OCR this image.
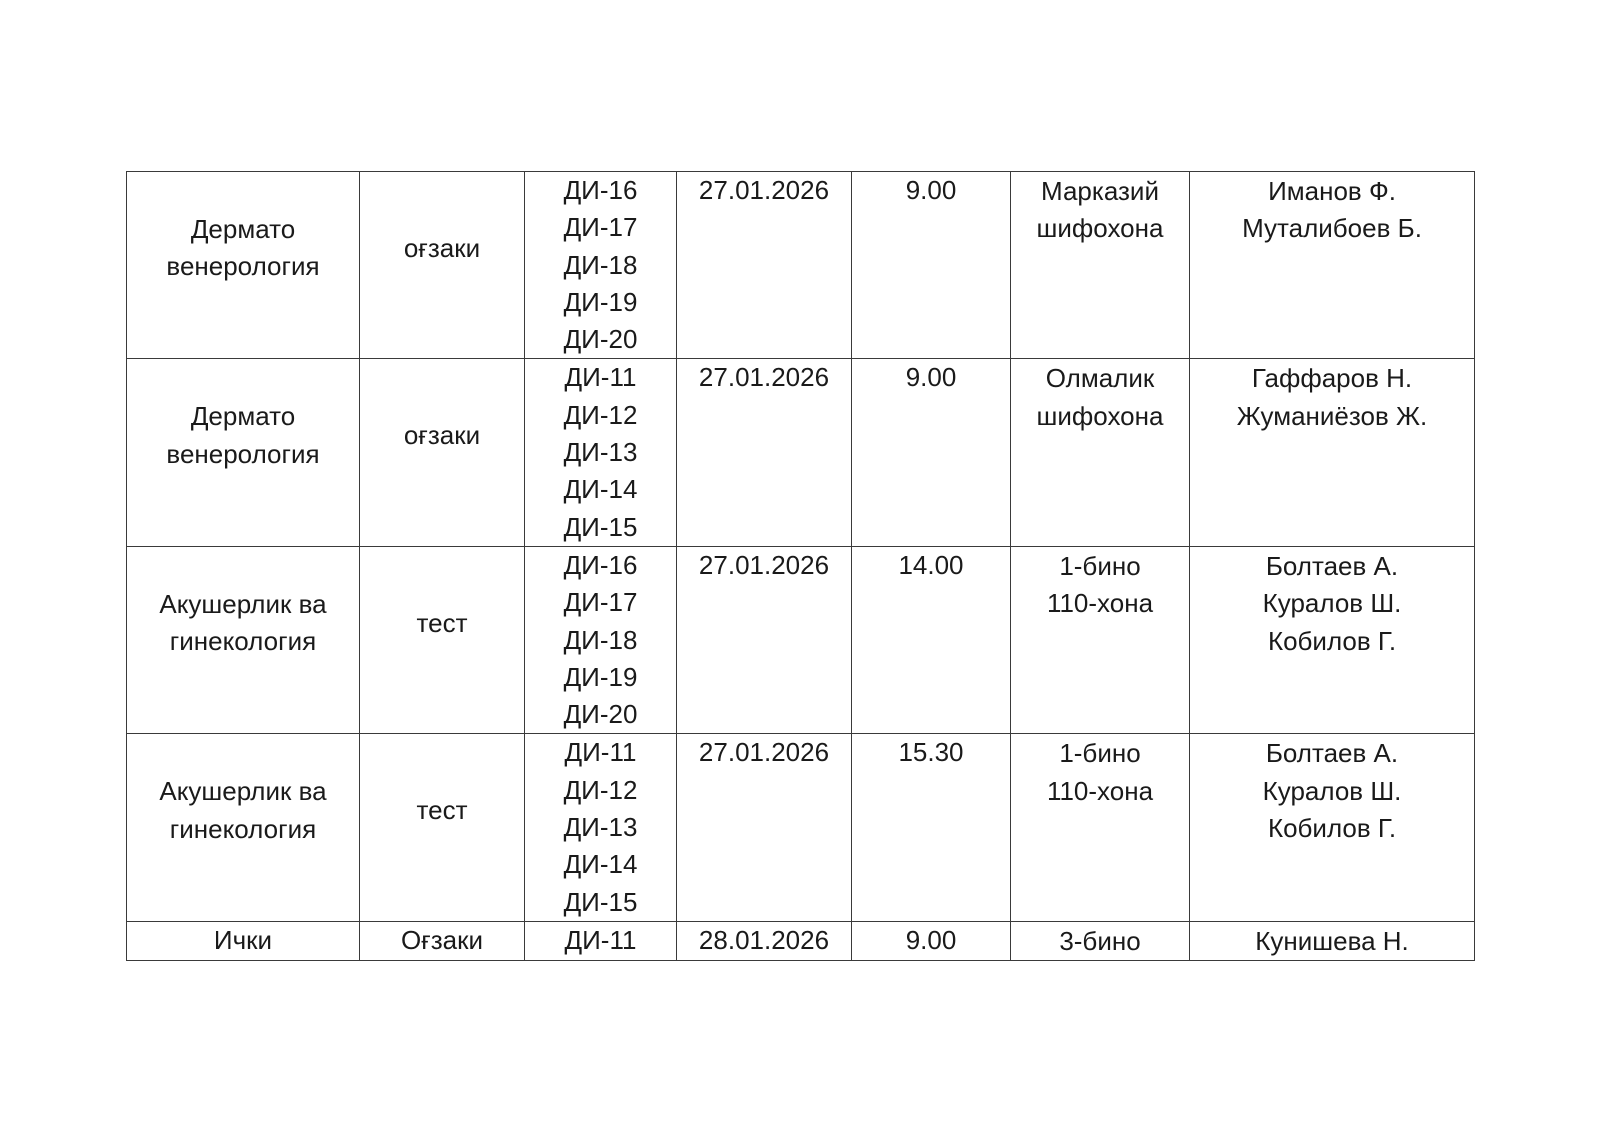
Дермато
венерология	оғзаки	ДИ-16
ДИ-17
ДИ-18
ДИ-19
ДИ-20	27.01.2026	9.00	Марказий
шифохона	Иманов Ф.
Муталибоев Б.

Дермато
венерология	оғзаки	ДИ-11
ДИ-12
ДИ-13
ДИ-14
ДИ-15	27.01.2026	9.00	Олмалик
шифохона	Гаффаров Н.
Жуманиёзов Ж.

Акушерлик ва
гинекология	тест	ДИ-16
ДИ-17
ДИ-18
ДИ-19
ДИ-20	27.01.2026	14.00	1-бино
110-хона	Болтаев А.
Куралов Ш.
Кобилов Г.

Акушерлик ва
гинекология	тест	ДИ-11
ДИ-12
ДИ-13
ДИ-14
ДИ-15	27.01.2026	15.30	1-бино
110-хона	Болтаев А.
Куралов Ш.
Кобилов Г.

Ички	Оғзаки	ДИ-11	28.01.2026	9.00	3-бино	Кунишева Н.
